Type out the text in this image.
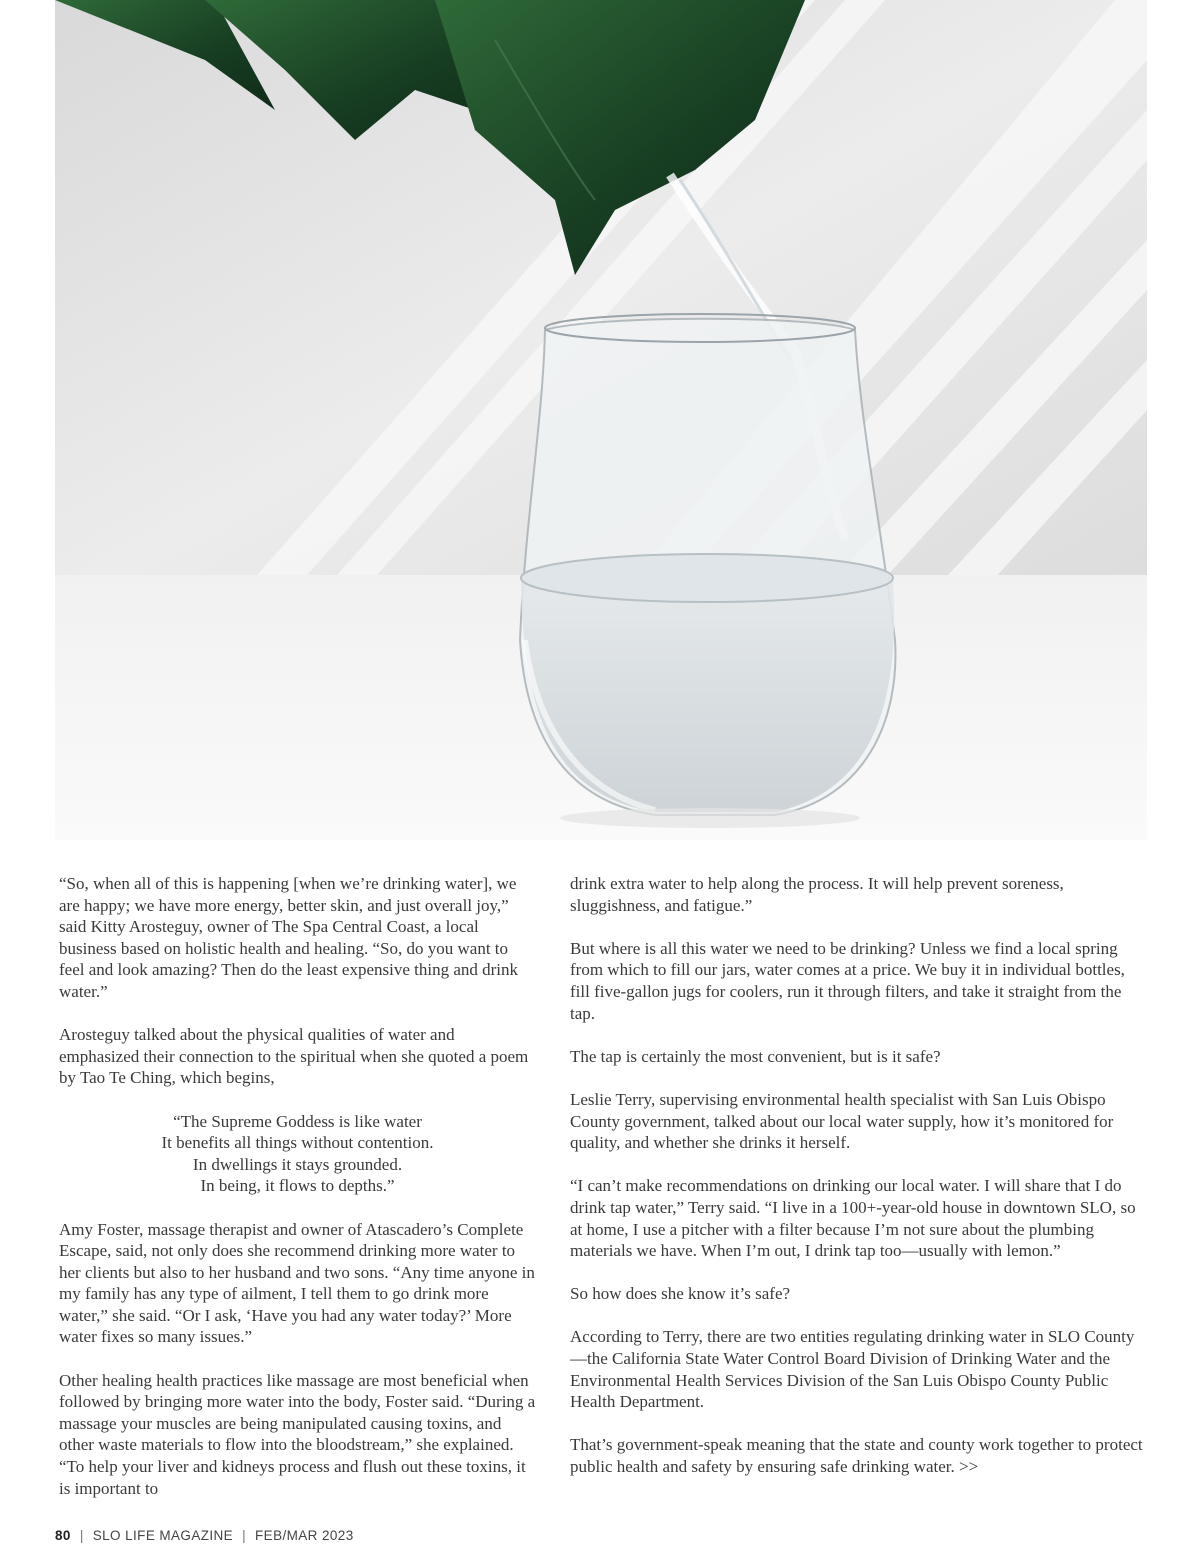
“So, when all of this is happening [when we’re drinking water], we are happy; we have more energy, better skin, and just overall joy,” said Kitty Arosteguy, owner of The Spa Central Coast, a local business based on holistic health and healing. “So, do you want to feel and look amazing? Then do the least expensive thing and drink water.”

Arosteguy talked about the physical qualities of water and emphasized their connection to the spiritual when she quoted a poem by Tao Te Ching, which begins,

“The Supreme Goddess is like water
It benefits all things without contention.
In dwellings it stays grounded.
In being, it flows to depths.”

Amy Foster, massage therapist and owner of Atascadero’s Complete Escape, said, not only does she recommend drinking more water to her clients but also to her husband and two sons. “Any time anyone in my family has any type of ailment, I tell them to go drink more water,” she said. “Or I ask, ‘Have you had any water today?’ More water fixes so many issues.”

Other healing health practices like massage are most beneficial when followed by bringing more water into the body, Foster said. “During a massage your muscles are being manipulated causing toxins, and other waste materials to flow into the bloodstream,” she explained. “To help your liver and kidneys process and flush out these toxins, it is important to

drink extra water to help along the process. It will help prevent soreness, sluggishness, and fatigue.”

But where is all this water we need to be drinking? Unless we find a local spring from which to fill our jars, water comes at a price. We buy it in individual bottles, fill five-gallon jugs for coolers, run it through filters, and take it straight from the tap.

The tap is certainly the most convenient, but is it safe?

Leslie Terry, supervising environmental health specialist with San Luis Obispo County government, talked about our local water supply, how it’s monitored for quality, and whether she drinks it herself.

“I can’t make recommendations on drinking our local water. I will share that I do drink tap water,” Terry said. “I live in a 100+-year-old house in downtown SLO, so at home, I use a pitcher with a filter because I’m not sure about the plumbing materials we have. When I’m out, I drink tap too—usually with lemon.”

So how does she know it’s safe?

According to Terry, there are two entities regulating drinking water in SLO County—the California State Water Control Board Division of Drinking Water and the Environmental Health Services Division of the San Luis Obispo County Public Health Department.

That’s government-speak meaning that the state and county work together to protect public health and safety by ensuring safe drinking water. >>

80 | SLO LIFE MAGAZINE | FEB/MAR 2023
